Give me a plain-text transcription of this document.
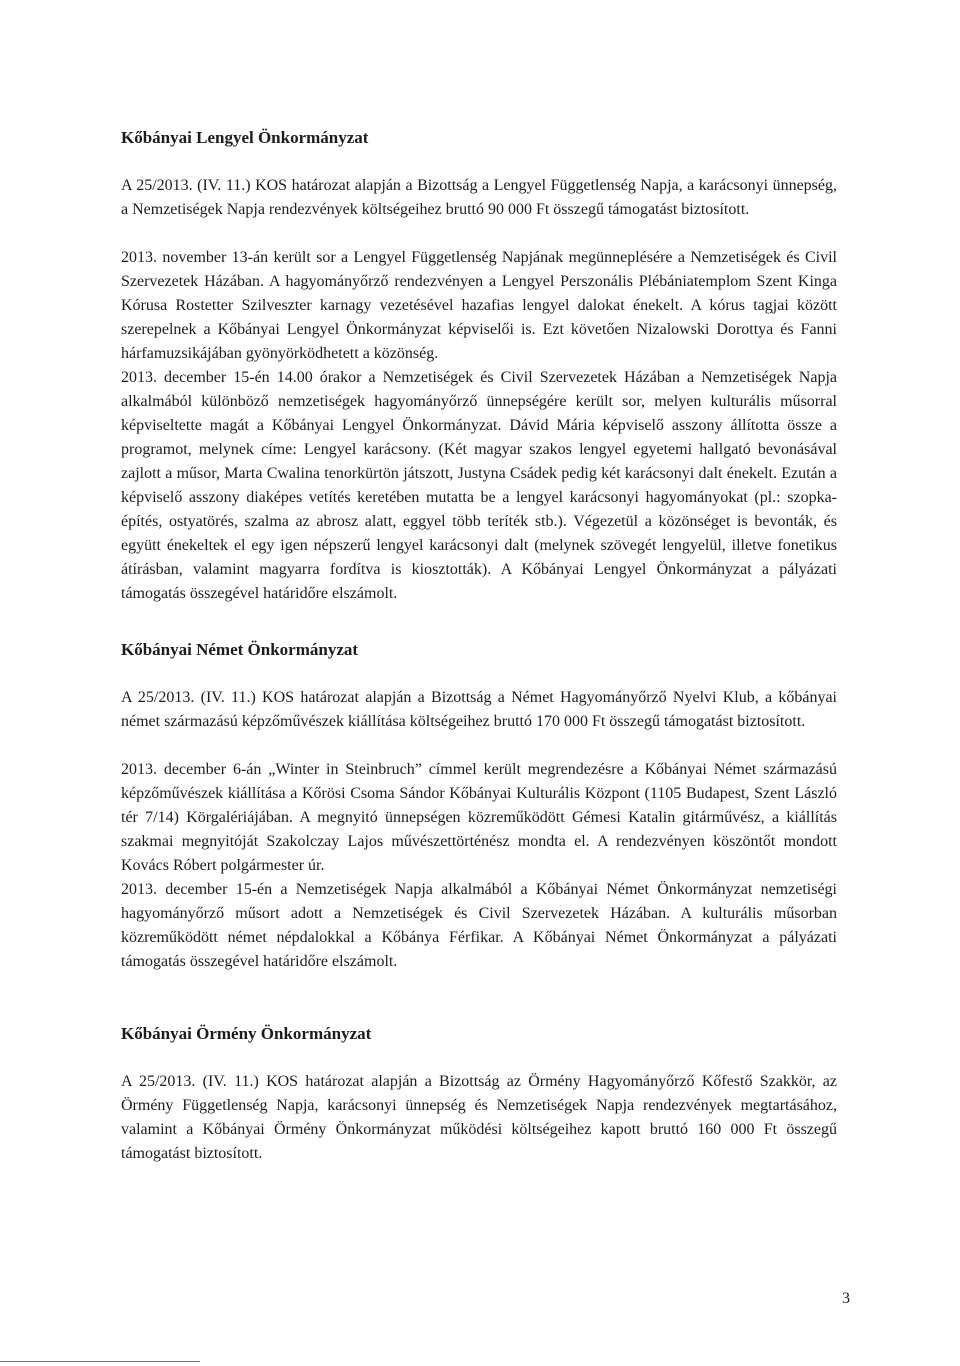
Kőbányai Lengyel Önkormányzat

A 25/2013. (IV. 11.) KOS határozat alapján a Bizottság a Lengyel Függetlenség Napja, a karácsonyi ünnepség, a Nemzetiségek Napja rendezvények költségeihez bruttó 90 000 Ft összegű támogatást biztosított.

2013. november 13-án került sor a Lengyel Függetlenség Napjának megünneplésére a Nemzetiségek és Civil Szervezetek Házában. A hagyományőrző rendezvényen a Lengyel Perszonális Plébániatemplom Szent Kinga Kórusa Rostetter Szilveszter karnagy vezetésével hazafias lengyel dalokat énekelt. A kórus tagjai között szerepelnek a Kőbányai Lengyel Önkormányzat képviselői is. Ezt követően Nizalowski Dorottya és Fanni hárfamuzsikájában gyönyörködhetett a közönség.

2013. december 15-én 14.00 órakor a Nemzetiségek és Civil Szervezetek Házában a Nemzetiségek Napja alkalmából különböző nemzetiségek hagyományőrző ünnepségére került sor, melyen kulturális műsorral képviseltette magát a Kőbányai Lengyel Önkormányzat. Dávid Mária képviselő asszony állította össze a programot, melynek címe: Lengyel karácsony. (Két magyar szakos lengyel egyetemi hallgató bevonásával zajlott a műsor, Marta Cwalina tenorkürtön játszott, Justyna Csádek pedig két karácsonyi dalt énekelt. Ezután a képviselő asszony diaképes vetítés keretében mutatta be a lengyel karácsonyi hagyományokat (pl.: szopka-építés, ostyatörés, szalma az abrosz alatt, eggyel több teríték stb.). Végezetül a közönséget is bevonták, és együtt énekeltek el egy igen népszerű lengyel karácsonyi dalt (melynek szövegét lengyelül, illetve fonetikus átírásban, valamint magyarra fordítva is kiosztották). A Kőbányai Lengyel Önkormányzat a pályázati támogatás összegével határidőre elszámolt.

Kőbányai Német Önkormányzat

A 25/2013. (IV. 11.) KOS határozat alapján a Bizottság a Német Hagyományőrző Nyelvi Klub, a kőbányai német származású képzőművészek kiállítása költségeihez bruttó 170 000 Ft összegű támogatást biztosított.

2013. december 6-án „Winter in Steinbruch” címmel került megrendezésre a Kőbányai Német származású képzőművészek kiállítása a Kőrösi Csoma Sándor Kőbányai Kulturális Központ (1105 Budapest, Szent László tér 7/14) Körgalériájában. A megnyitó ünnepségen közreműködött Gémesi Katalin gitárművész, a kiállítás szakmai megnyitóját Szakolczay Lajos művészettörténész mondta el. A rendezvényen köszöntőt mondott Kovács Róbert polgármester úr.

2013. december 15-én a Nemzetiségek Napja alkalmából a Kőbányai Német Önkormányzat nemzetiségi hagyományőrző műsort adott a Nemzetiségek és Civil Szervezetek Házában. A kulturális műsorban közreműködött német népdalokkal a Kőbánya Férfikar. A Kőbányai Német Önkormányzat a pályázati támogatás összegével határidőre elszámolt.

Kőbányai Örmény Önkormányzat

A 25/2013. (IV. 11.) KOS határozat alapján a Bizottság az Örmény Hagyományőrző Kőfestő Szakkör, az Örmény Függetlenség Napja, karácsonyi ünnepség és Nemzetiségek Napja rendezvények megtartásához, valamint a Kőbányai Örmény Önkormányzat működési költségeihez kapott bruttó 160 000 Ft összegű támogatást biztosított.

3
